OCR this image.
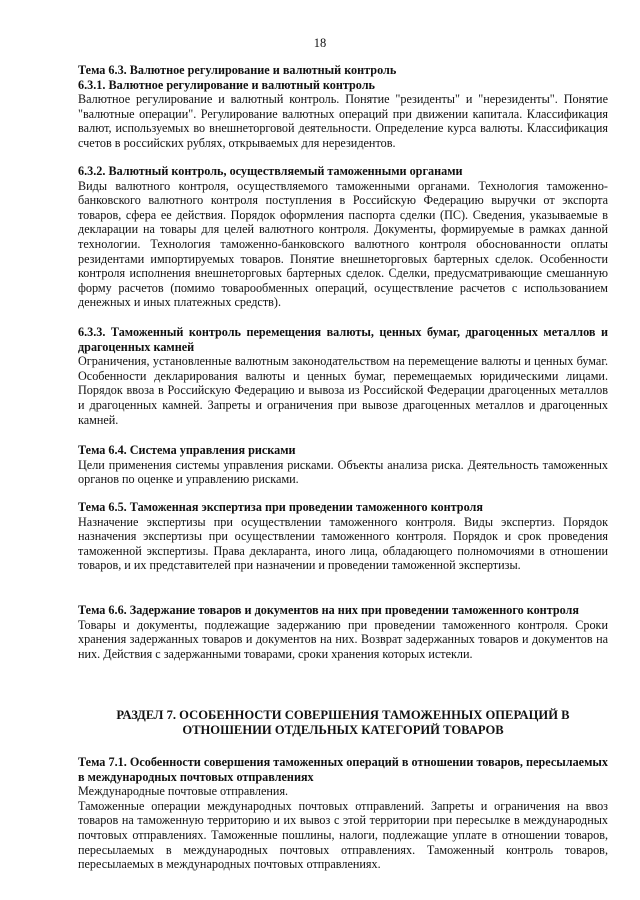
18

Тема 6.3. Валютное регулирование и валютный контроль

6.3.1. Валютное регулирование и валютный контроль

Валютное регулирование и валютный контроль. Понятие "резиденты" и "нерезиденты". Понятие "валютные операции". Регулирование валютных операций при движении капитала. Классификация валют, используемых во внешнеторговой деятельности. Определение курса валюты. Классификация счетов в российских рублях, открываемых для нерезидентов.

6.3.2. Валютный контроль, осуществляемый таможенными органами

Виды валютного контроля, осуществляемого таможенными органами. Технология таможенно-банковского валютного контроля поступления в Российскую Федерацию выручки от экспорта товаров, сфера ее действия. Порядок оформления паспорта сделки (ПС). Сведения, указываемые в декларации на товары для целей валютного контроля. Документы, формируемые в рамках данной технологии. Технология таможенно-банковского валютного контроля обоснованности оплаты резидентами импортируемых товаров. Понятие внешнеторговых бартерных сделок. Особенности контроля исполнения внешнеторговых бартерных сделок. Сделки, предусматривающие смешанную форму расчетов (помимо товарообменных операций, осуществление расчетов с использованием денежных и иных платежных средств).

6.3.3. Таможенный контроль перемещения валюты, ценных бумаг, драгоценных металлов и драгоценных камней

Ограничения, установленные валютным законодательством на перемещение валюты и ценных бумаг. Особенности декларирования валюты и ценных бумаг, перемещаемых юридическими лицами. Порядок ввоза в Российскую Федерацию и вывоза из Российской Федерации драгоценных металлов и драгоценных камней. Запреты и ограничения при вывозе драгоценных металлов и драгоценных камней.

Тема 6.4. Система управления рисками

Цели применения системы управления рисками. Объекты анализа риска. Деятельность таможенных органов по оценке и управлению рисками.

Тема 6.5. Таможенная экспертиза при проведении таможенного контроля

Назначение экспертизы при осуществлении таможенного контроля. Виды экспертиз. Порядок назначения экспертизы при осуществлении таможенного контроля. Порядок и срок проведения таможенной экспертизы. Права декларанта, иного лица, обладающего полномочиями в отношении товаров, и их представителей при назначении и проведении таможенной экспертизы.

Тема 6.6. Задержание товаров и документов на них при проведении таможенного контроля

Товары и документы, подлежащие задержанию при проведении таможенного контроля. Сроки хранения задержанных товаров и документов на них. Возврат задержанных товаров и документов на них. Действия с задержанными товарами, сроки хранения которых истекли.

РАЗДЕЛ 7. ОСОБЕННОСТИ СОВЕРШЕНИЯ ТАМОЖЕННЫХ ОПЕРАЦИЙ В
ОТНОШЕНИИ ОТДЕЛЬНЫХ КАТЕГОРИЙ ТОВАРОВ

Тема 7.1. Особенности совершения таможенных операций в отношении товаров, пересылаемых в международных почтовых отправлениях

Международные почтовые отправления.

Таможенные операции международных почтовых отправлений. Запреты и ограничения на ввоз товаров на таможенную территорию и их вывоз с этой территории при пересылке в международных почтовых отправлениях. Таможенные пошлины, налоги, подлежащие уплате в отношении товаров, пересылаемых в международных почтовых отправлениях. Таможенный контроль товаров, пересылаемых в международных почтовых отправлениях.
